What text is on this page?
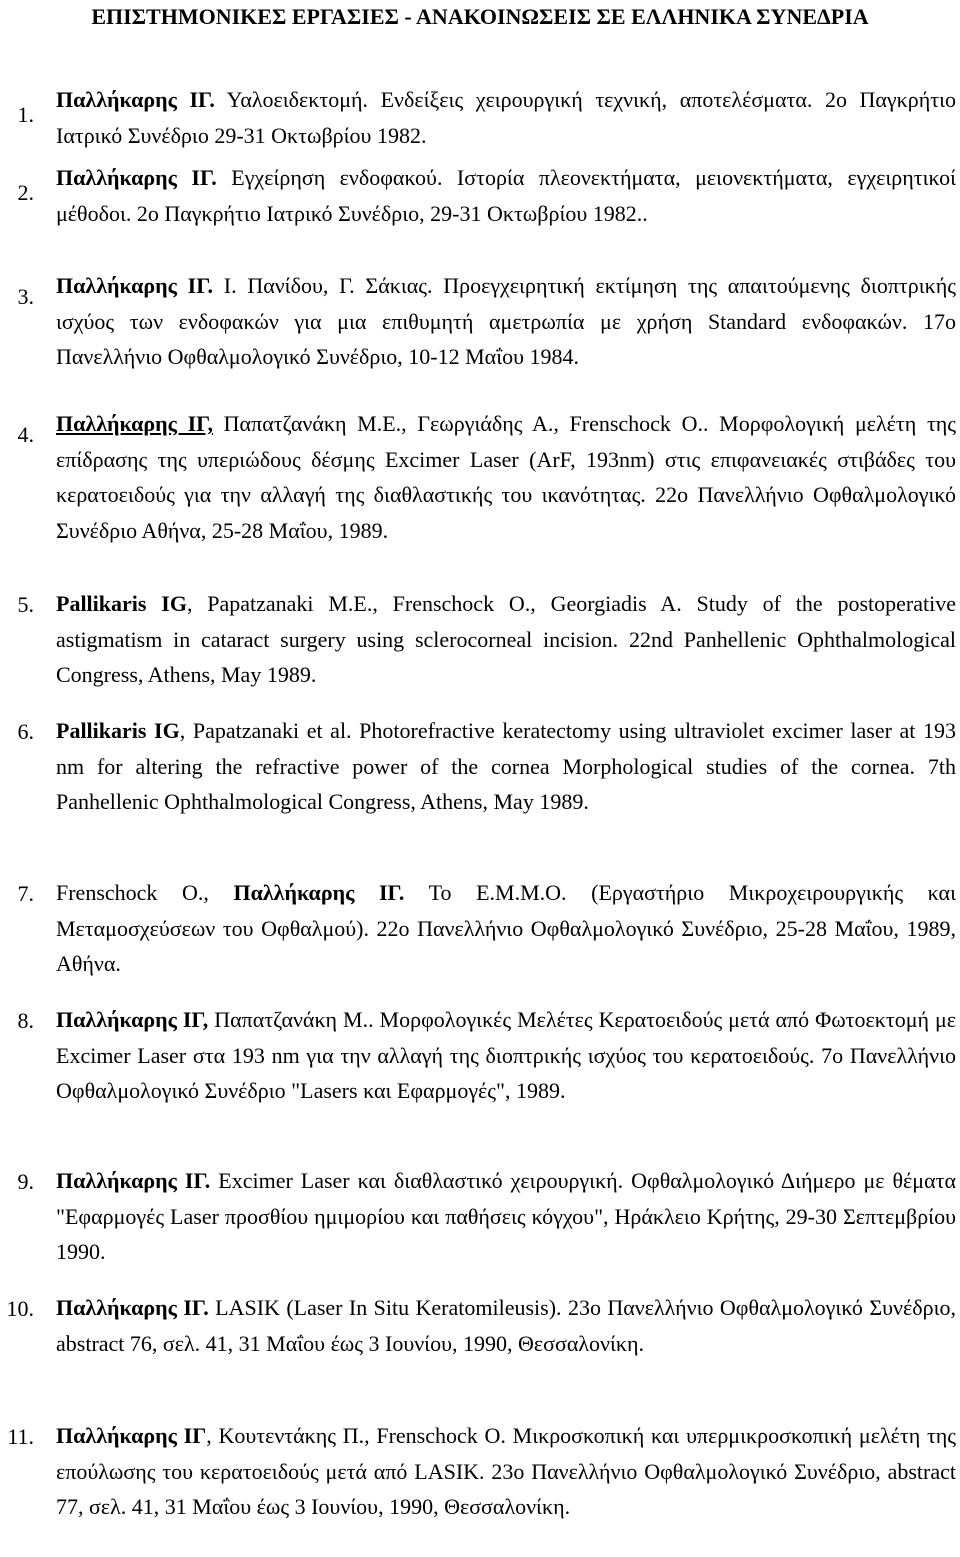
ΕΠΙΣΤΗΜΟΝΙΚΕΣ ΕΡΓΑΣΙΕΣ - ΑΝΑΚΟΙΝΩΣΕΙΣ ΣΕ ΕΛΛΗΝΙΚΑ ΣΥΝΕΔΡΙΑ
1.
Παλλήκαρης ΙΓ. Υαλοειδεκτομή. Ενδείξεις χειρουργική τεχνική, αποτελέσματα. 2ο Παγκρήτιο Ιατρικό Συνέδριο 29-31 Οκτωβρίου 1982.
2.
Παλλήκαρης ΙΓ. Εγχείρηση ενδοφακού. Ιστορία πλεονεκτήματα, μειονεκτήματα, εγχειρητικοί μέθοδοι. 2ο Παγκρήτιο Ιατρικό Συνέδριο, 29-31 Οκτωβρίου 1982..
3. Παλλήκαρης ΙΓ. Ι. Πανίδου, Γ. Σάκιας. Προεγχειρητική εκτίμηση της απαιτούμενης διοπτρικής ισχύος των ενδοφακών για μια επιθυμητή αμετρωπία με χρήση Standard ενδοφακών. 17ο Πανελλήνιο Οφθαλμολογικό Συνέδριο, 10-12 Μαΐου 1984.
4. Παλλήκαρης ΙΓ, Παπατζανάκη Μ.Ε., Γεωργιάδης Α., Frenschock O.. Μορφολογική μελέτη της επίδρασης της υπεριώδους δέσμης Excimer Laser (ArF, 193nm) στις επιφανειακές στιβάδες του κερατοειδούς για την αλλαγή της διαθλαστικής του ικανότητας. 22ο Πανελλήνιο Οφθαλμολογικό Συνέδριο Αθήνα, 25-28 Μαΐου, 1989.
5. Pallikaris IG, Papatzanaki M.E., Frenschock O., Georgiadis A. Study of the postoperative astigmatism in cataract surgery using sclerocorneal incision. 22nd Panhellenic Ophthalmological Congress, Athens, May 1989.
6. Pallikaris IG, Papatzanaki et al. Photorefractive keratectomy using ultraviolet excimer laser at 193 nm for altering the refractive power of the cornea Morphological studies of the cornea. 7th Panhellenic Ophthalmological Congress, Athens, May 1989.
7. Frenschock O., Παλλήκαρης ΙΓ. Το Ε.Μ.Μ.Ο. (Εργαστήριο Μικροχειρουργικής και Μεταμοσχεύσεων του Οφθαλμού). 22ο Πανελλήνιο Οφθαλμολογικό Συνέδριο, 25-28 Μαΐου, 1989, Αθήνα.
8. Παλλήκαρης ΙΓ, Παπατζανάκη Μ.. Μορφολογικές Μελέτες Κερατοειδούς μετά από Φωτοεκτομή με Excimer Laser στα 193 nm για την αλλαγή της διοπτρικής ισχύος του κερατοειδούς. 7ο Πανελλήνιο Οφθαλμολογικό Συνέδριο "Lasers και Εφαρμογές", 1989.
9. Παλλήκαρης ΙΓ. Excimer Laser και διαθλαστικό χειρουργική. Οφθαλμολογικό Διήμερο με θέματα "Εφαρμογές Laser προσθίου ημιμορίου και παθήσεις κόγχου", Ηράκλειο Κρήτης, 29-30 Σεπτεμβρίου 1990.
10. Παλλήκαρης ΙΓ. LASIK (Laser In Situ Keratomileusis). 23ο Πανελλήνιο Οφθαλμολογικό Συνέδριο, abstract 76, σελ. 41, 31 Μαΐου έως 3 Ιουνίου, 1990, Θεσσαλονίκη.
11. Παλλήκαρης ΙΓ, Κουτεντάκης Π., Frenschock O. Μικροσκοπική και υπερμικροσκοπική μελέτη της επούλωσης του κερατοειδούς μετά από LASIK. 23ο Πανελλήνιο Οφθαλμολογικό Συνέδριο, abstract 77, σελ. 41, 31 Μαΐου έως 3 Ιουνίου, 1990, Θεσσαλονίκη.
